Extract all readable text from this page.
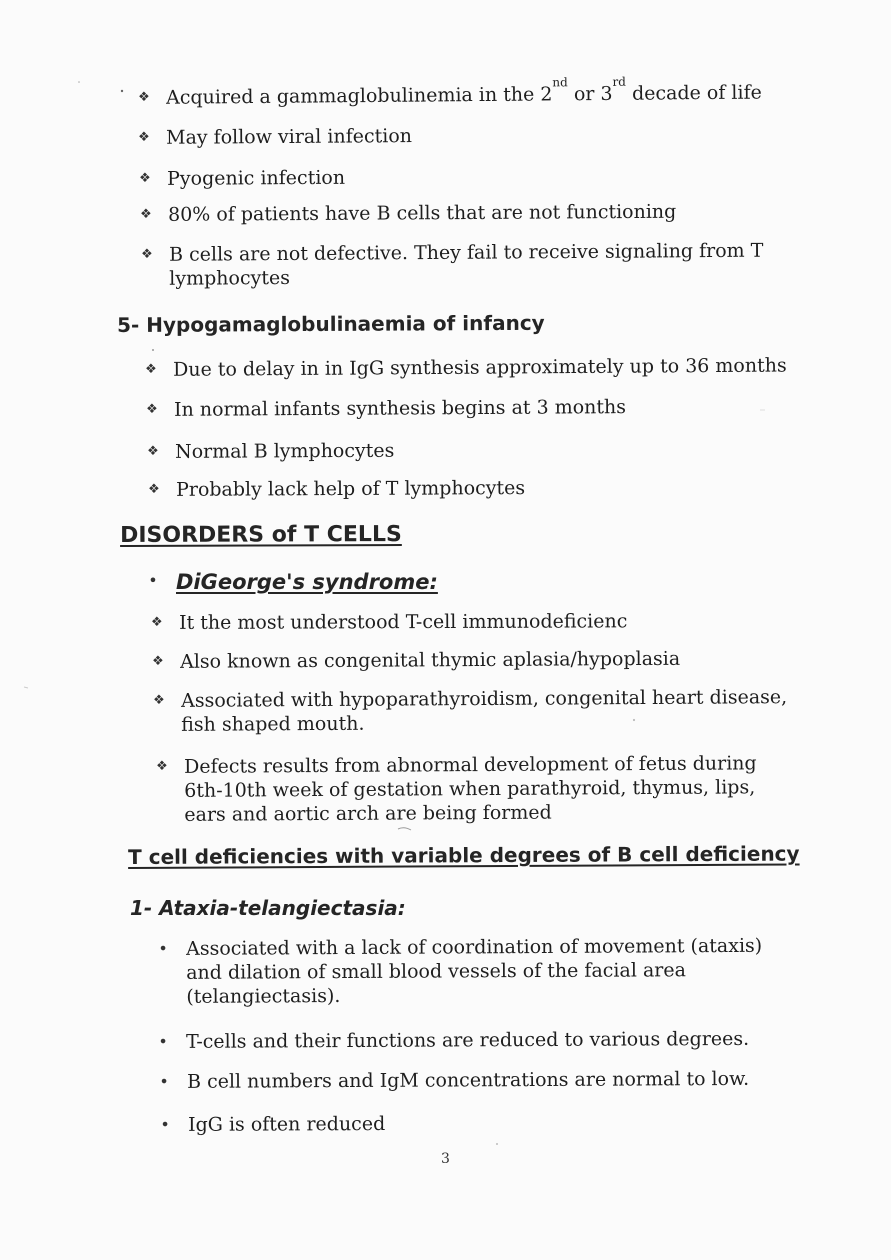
❖ Acquired a gammaglobulinemia in the 2nd or 3rd decade of life
❖ May follow viral infection
❖ Pyogenic infection
❖ 80% of patients have B cells that are not functioning
❖ B cells are not defective. They fail to receive signaling from T
lymphocytes
5- Hypogamaglobulinaemia of infancy
❖ Due to delay in in IgG synthesis approximately up to 36 months
❖ In normal infants synthesis begins at 3 months
❖ Normal B lymphocytes
❖ Probably lack help of T lymphocytes
DISORDERS of T CELLS
• DiGeorge's syndrome:
❖ It the most understood T-cell immunodeficienc
❖ Also known as congenital thymic aplasia/hypoplasia
❖ Associated with hypoparathyroidism, congenital heart disease,
fish shaped mouth.
❖ Defects results from abnormal development of fetus during
6th-10th week of gestation when parathyroid, thymus, lips,
ears and aortic arch are being formed
T cell deficiencies with variable degrees of B cell deficiency
1- Ataxia-telangiectasia:
• Associated with a lack of coordination of movement (ataxis)
and dilation of small blood vessels of the facial area
(telangiectasis).
• T-cells and their functions are reduced to various degrees.
• B cell numbers and IgM concentrations are normal to low.
• IgG is often reduced
3
